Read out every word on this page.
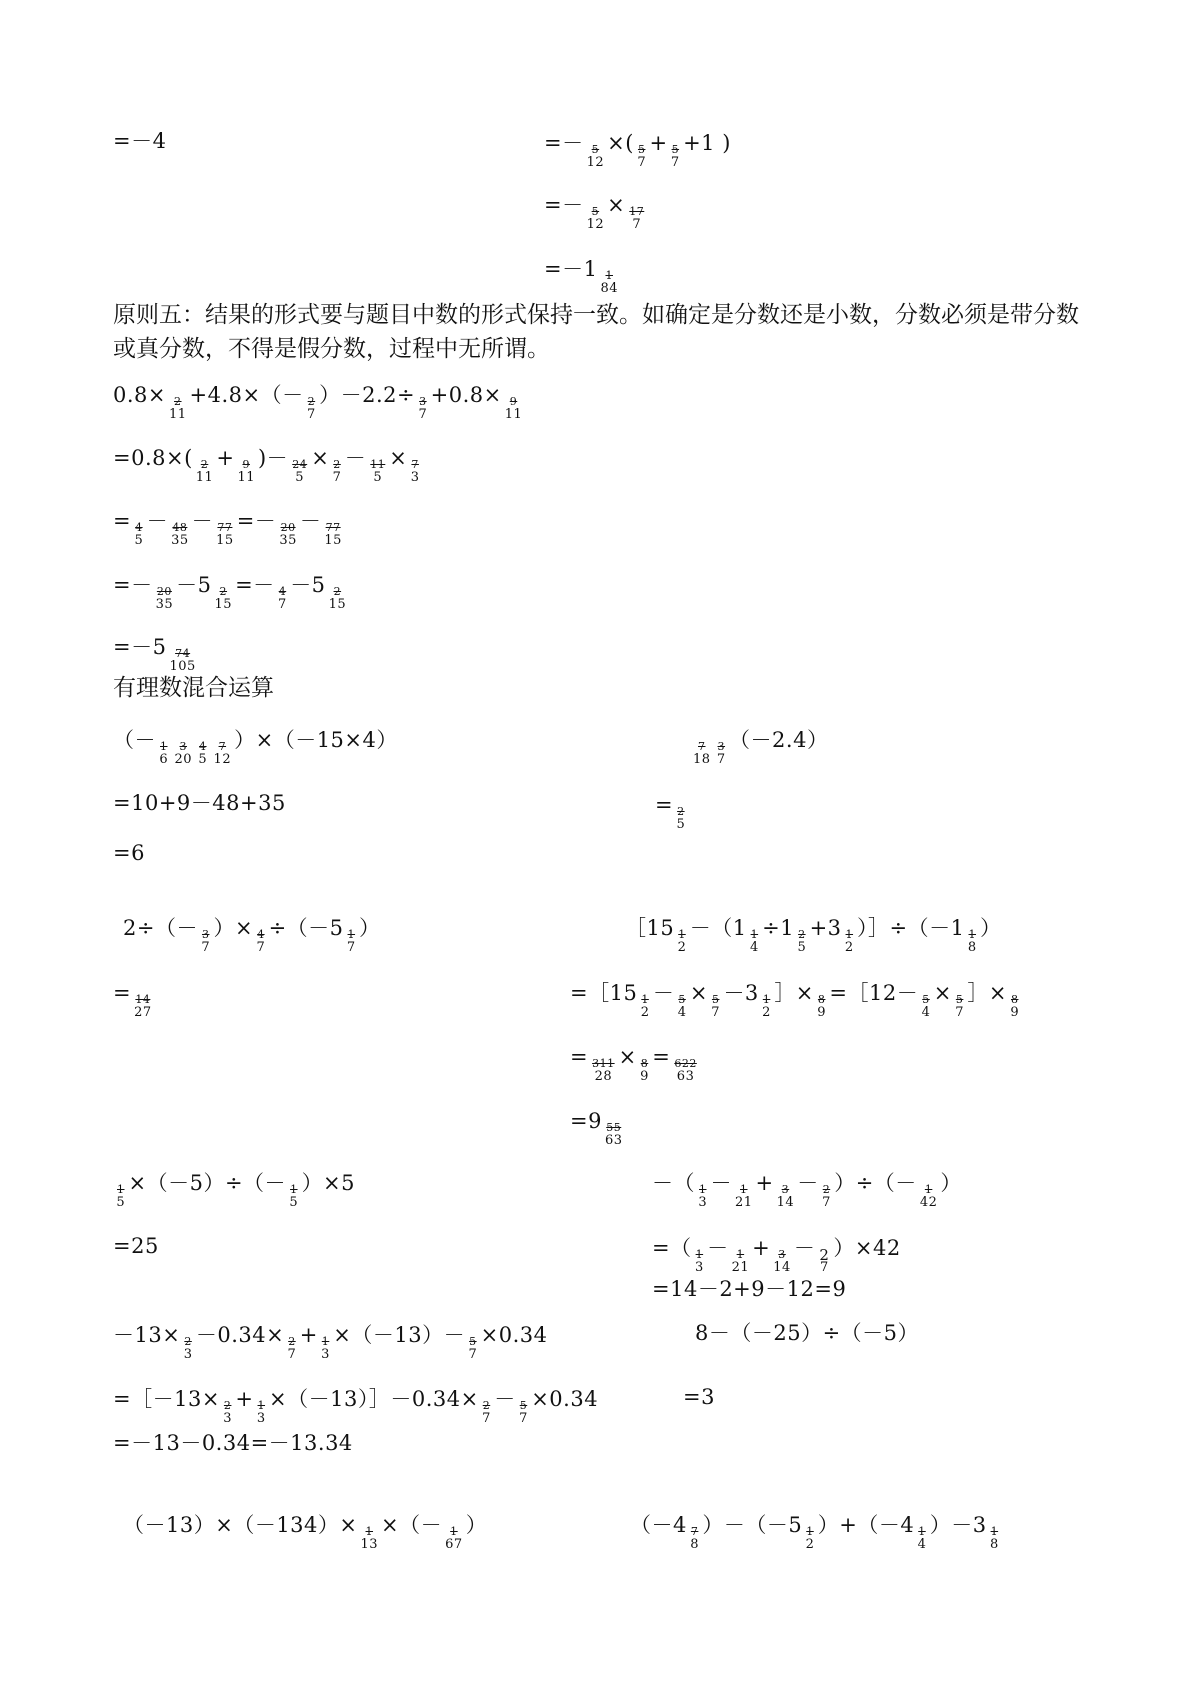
原则五：结果的形式要与题目中数的形式保持一致。如确定是分数还是小数，分数必须是带分数或真分数，不得是假分数，过程中无所谓。
有理数混合运算
=－4	=－ 5
12
×( 5
7
+ 5
7
+1 )
=－ 5
12
× 17
7
=－1 1
84
0.8× 2
11
+4.8×（－ 2
7
）－2.2÷ 3
7
+0.8× 9
11
=0.8×( 2
11
+ 9
11
)－ 24
5
× 2
7
－ 11
5
× 7
3
= 4
5
－ 48
35
－ 77
15
=－ 20
35
－ 77
15
=－ 20
35
－5 2
15
=－ 4
7
－5 2
15
=－5 74
105
（－ 1
6
3
20
4
5
7
12
）×（－15×4）	7
18
3
7
（－2.4）
=10+9－48+35	= 2
5
=6
2÷（－ 3
7
）× 4
7
÷（－5 1
7
）	［15 1
2
－（1 1
4
÷1 2
5
+3 1
2
）］÷（－1 1
8
）
= 14
27
=［15 1
2
－ 5
4
× 5
7
－3 1
2
］× 8
9
=［12－ 5
4
× 5
7
］× 8
9
= 311
28
× 8
9
= 622
63
=9 55
63
1
5
×（－5）÷（－ 1
5
）×5	－（ 1
3
－ 1
21
+ 3
14
－ 2
7
）÷（－ 1
42
）
=25	=（ 1
3
－ 1
21
+ 3
14
－ 2
7
）×42
=14－2+9－12=9
－13× 2
3
－0.34× 2
7
+ 1
3
×（－13）－ 5
7
×0.34	8－（－25）÷（－5）
=［－13× 2
3
+ 1
3
×（－13）］－0.34× 2
7
－ 5
7
×0.34	=3
=－13－0.34=－13.34
（－13）×（－134）× 1
13
×（－ 1
67
）	（－4 7
8
）－（－5 1
2
）+（－4 1
4
）－3 1
8
